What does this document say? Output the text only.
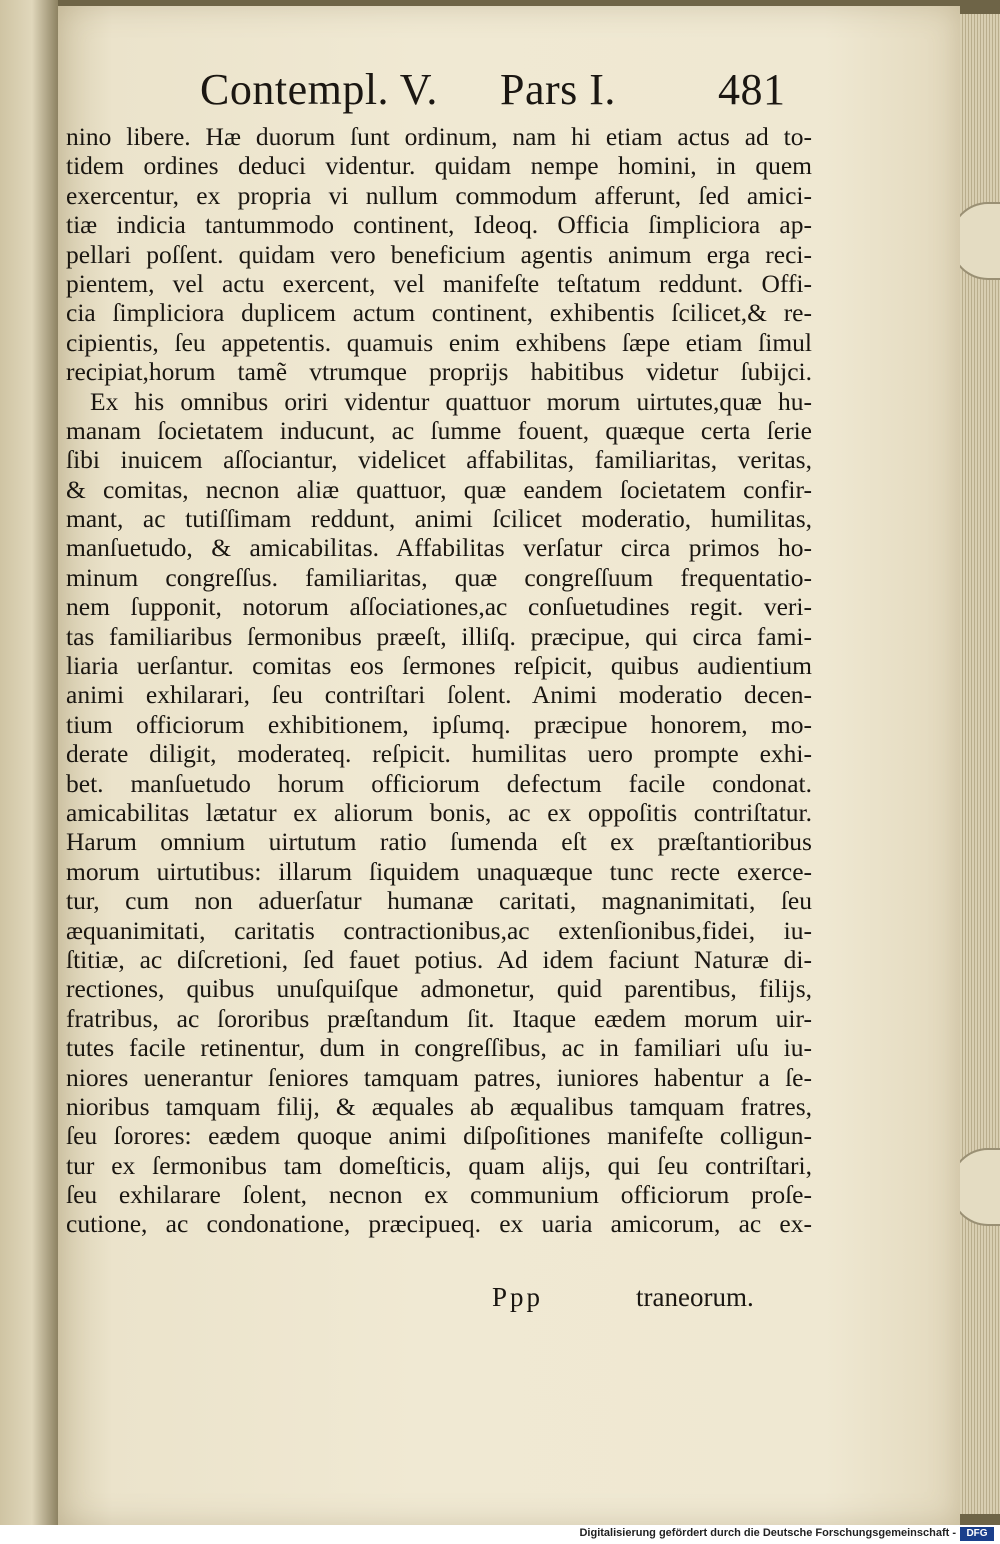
Contempl. V. Pars I. 481
nino libere. Hæ duorum ſunt ordinum, nam hi etiam actus ad to-
tidem ordines deduci videntur. quidam nempe homini, in quem
exercentur, ex propria vi nullum commodum afferunt, ſed amici-
tiæ indicia tantummodo continent, Ideoq. Officia ſimpliciora ap-
pellari poſſent. quidam vero beneficium agentis animum erga reci-
pientem, vel actu exercent, vel manifeſte teſtatum reddunt. Offi-
cia ſimpliciora duplicem actum continent, exhibentis ſcilicet,& re-
cipientis, ſeu appetentis. quamuis enim exhibens ſæpe etiam ſimul
recipiat,horum tamẽ vtrumque proprijs habitibus videtur ſubijci.
Ex his omnibus oriri videntur quattuor morum uirtutes,quæ hu-
manam ſocietatem inducunt, ac ſumme fouent, quæque certa ſerie
ſibi inuicem aſſociantur, videlicet affabilitas, familiaritas, veritas,
& comitas, necnon aliæ quattuor, quæ eandem ſocietatem confir-
mant, ac tutiſſimam reddunt, animi ſcilicet moderatio, humilitas,
manſuetudo, & amicabilitas. Affabilitas verſatur circa primos ho-
minum congreſſus. familiaritas, quæ congreſſuum frequentatio-
nem ſupponit, notorum aſſociationes,ac conſuetudines regit. veri-
tas familiaribus ſermonibus præeſt, illiſq. præcipue, qui circa fami-
liaria uerſantur. comitas eos ſermones reſpicit, quibus audientium
animi exhilarari, ſeu contriſtari ſolent. Animi moderatio decen-
tium officiorum exhibitionem, ipſumq. præcipue honorem, mo-
derate diligit, moderateq. reſpicit. humilitas uero prompte exhi-
bet. manſuetudo horum officiorum defectum facile condonat.
amicabilitas lætatur ex aliorum bonis, ac ex oppoſitis contriſtatur.
Harum omnium uirtutum ratio ſumenda eſt ex præſtantioribus
morum uirtutibus: illarum ſiquidem unaquæque tunc recte exerce-
tur, cum non aduerſatur humanæ caritati, magnanimitati, ſeu
æquanimitati, caritatis contractionibus,ac extenſionibus,fidei, iu-
ſtitiæ, ac diſcretioni, ſed fauet potius. Ad idem faciunt Naturæ di-
rectiones, quibus unuſquiſque admonetur, quid parentibus, filijs,
fratribus, ac ſororibus præſtandum ſit. Itaque eædem morum uir-
tutes facile retinentur, dum in congreſſibus, ac in familiari uſu iu-
niores uenerantur ſeniores tamquam patres, iuniores habentur a ſe-
nioribus tamquam filij, & æquales ab æqualibus tamquam fratres,
ſeu ſorores: eædem quoque animi diſpoſitiones manifeſte colligun-
tur ex ſermonibus tam domeſticis, quam alijs, qui ſeu contriſtari,
ſeu exhilarare ſolent, necnon ex communium officiorum proſe-
cutione, ac condonatione, præcipueq. ex uaria amicorum, ac ex-
Ppp	traneorum.
Digitalisierung gefördert durch die Deutsche Forschungsgemeinschaft -	DFG
